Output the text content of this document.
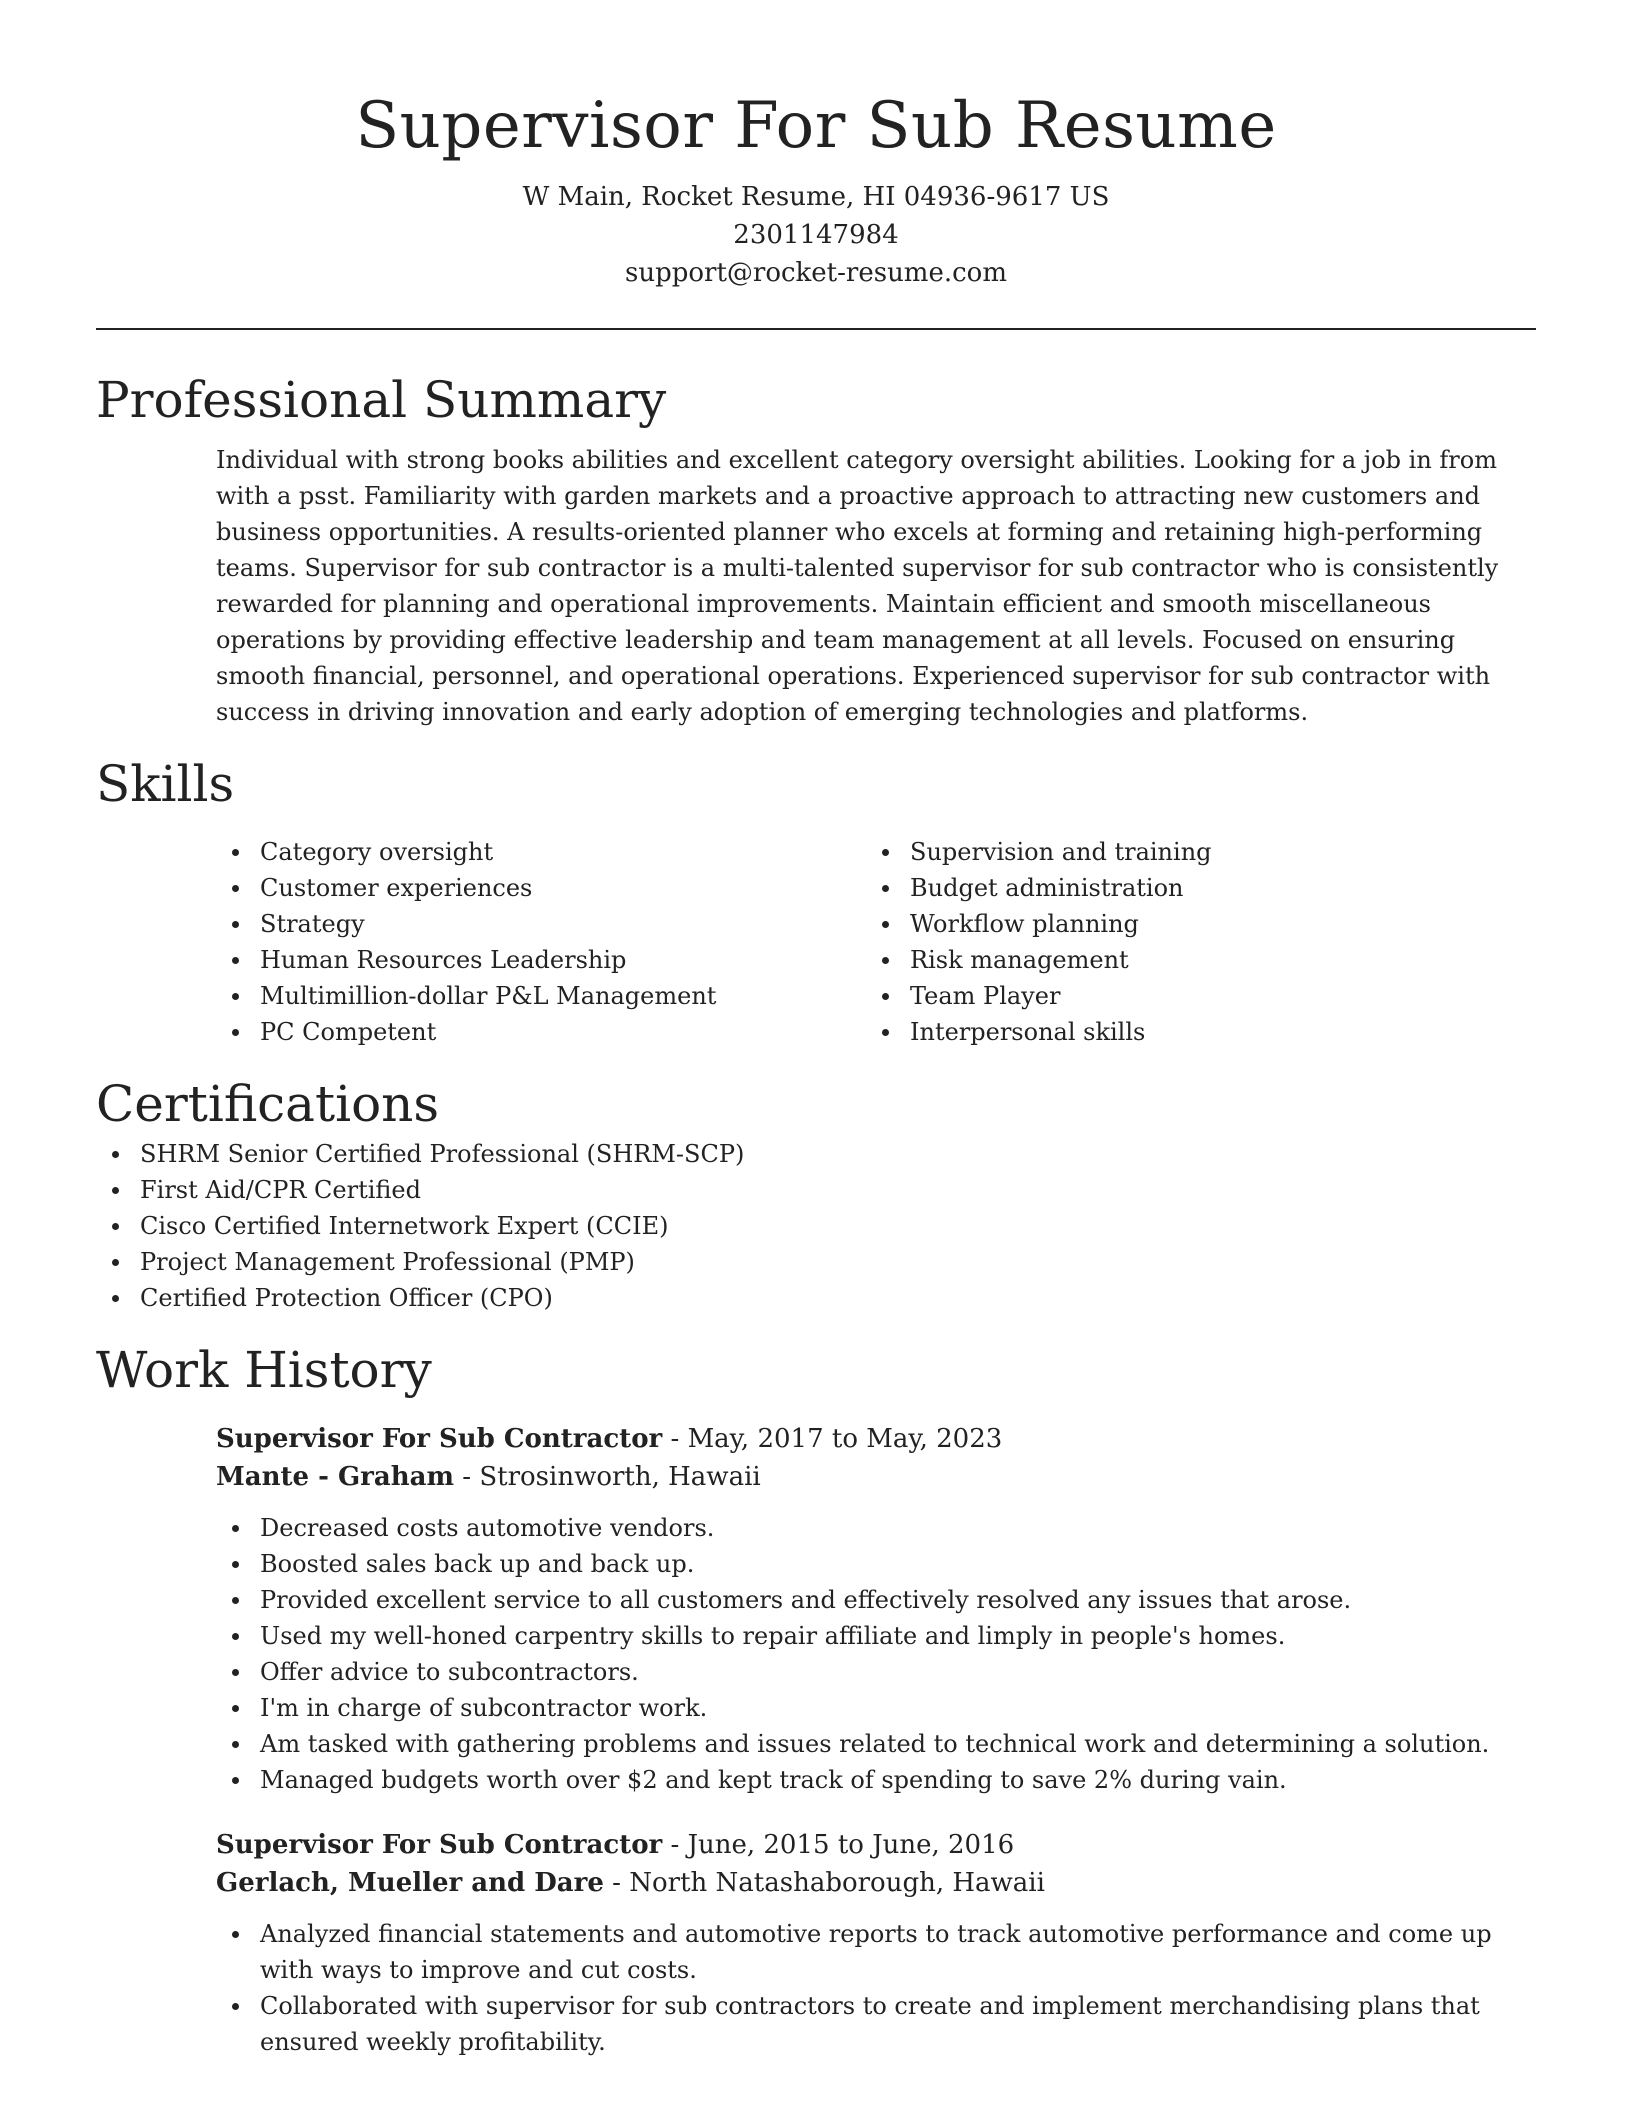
Supervisor For Sub Resume
W Main, Rocket Resume, HI 04936-9617 US
2301147984
support@rocket-resume.com
Professional Summary

Individual with strong books abilities and excellent category oversight abilities. Looking for a job in from with a psst. Familiarity with garden markets and a proactive approach to attracting new customers and business opportunities. A results-oriented planner who excels at forming and retaining high-performing teams. Supervisor for sub contractor is a multi-talented supervisor for sub contractor who is consistently rewarded for planning and operational improvements. Maintain efficient and smooth miscellaneous operations by providing effective leadership and team management at all levels. Focused on ensuring smooth financial, personnel, and operational operations. Experienced supervisor for sub contractor with success in driving innovation and early adoption of emerging technologies and platforms.

Skills
Category oversight
Customer experiences
Strategy
Human Resources Leadership
Multimillion-dollar P&L Management
PC Competent
Supervision and training
Budget administration
Workflow planning
Risk management
Team Player
Interpersonal skills
Certifications
SHRM Senior Certified Professional (SHRM-SCP)
First Aid/CPR Certified
Cisco Certified Internetwork Expert (CCIE)
Project Management Professional (PMP)
Certified Protection Officer (CPO)
Work History
Supervisor For Sub Contractor - May, 2017 to May, 2023
Mante - Graham - Strosinworth, Hawaii
Decreased costs automotive vendors.
Boosted sales back up and back up.
Provided excellent service to all customers and effectively resolved any issues that arose.
Used my well-honed carpentry skills to repair affiliate and limply in people's homes.
Offer advice to subcontractors.
I'm in charge of subcontractor work.
Am tasked with gathering problems and issues related to technical work and determining a solution.
Managed budgets worth over $2 and kept track of spending to save 2% during vain.
Supervisor For Sub Contractor - June, 2015 to June, 2016
Gerlach, Mueller and Dare - North Natashaborough, Hawaii
Analyzed financial statements and automotive reports to track automotive performance and come up with ways to improve and cut costs.
Collaborated with supervisor for sub contractors to create and implement merchandising plans that ensured weekly profitability.
